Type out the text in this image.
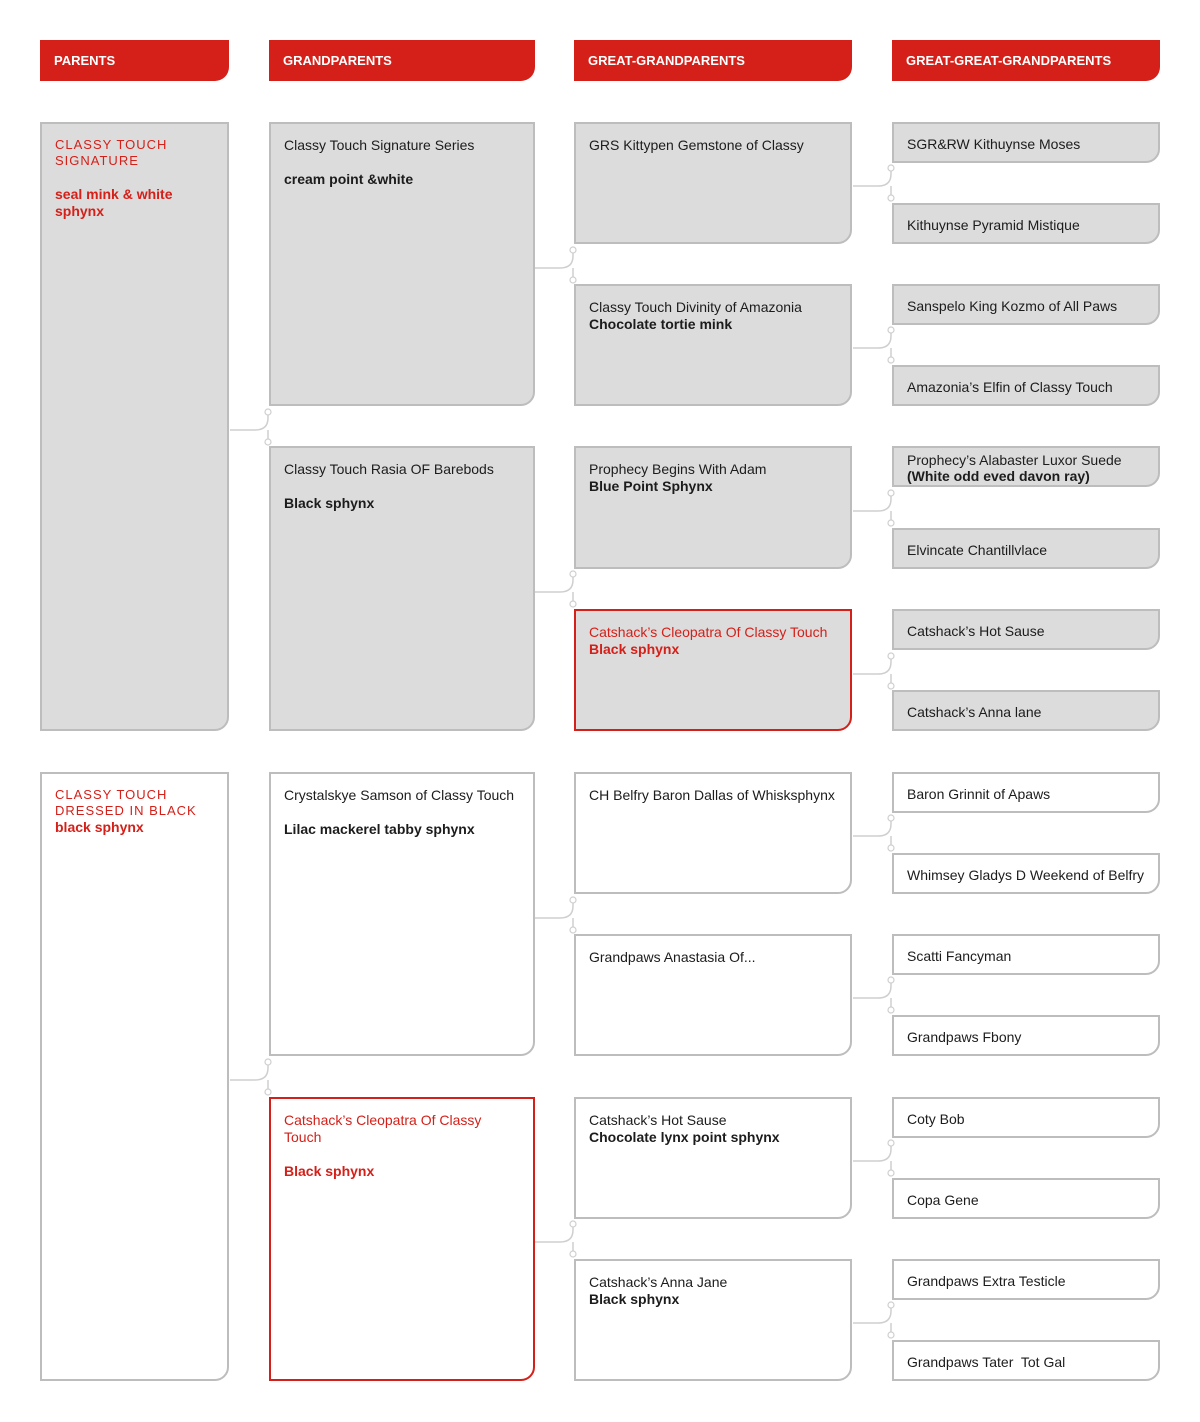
PARENTS	GRANDPARENTS	GREAT-GRANDPARENTS	GREAT-GREAT-GRANDPARENTS
CLASSY TOUCH SIGNATURE
seal mink & white sphynx
CLASSY TOUCH DRESSED IN BLACK
black sphynx
Classy Touch Signature Series
cream point &white
Classy Touch Rasia OF Barebods
Black sphynx
Crystalskye Samson of Classy Touch
Lilac mackerel tabby sphynx
Catshack’s Cleopatra Of Classy Touch
Black sphynx
GRS Kittypen Gemstone of Classy
Classy Touch Divinity of Amazonia
Chocolate tortie mink
Prophecy Begins With Adam
Blue Point Sphynx
Catshack’s Cleopatra Of Classy Touch
Black sphynx
CH Belfry Baron Dallas of Whisksphynx
Grandpaws Anastasia Of...
Catshack’s Hot Sause
Chocolate lynx point sphynx
Catshack’s Anna Jane
Black sphynx
SGR&RW Kithuynse Moses
Kithuynse Pyramid Mistique
Sanspelo King Kozmo of All Paws
Amazonia’s Elfin of Classy Touch
Prophecy’s Alabaster Luxor Suede
(White odd eved davon ray)
Elvincate Chantillvlace
Catshack’s Hot Sause
Catshack’s Anna lane
Baron Grinnit of Apaws
Whimsey Gladys D Weekend of Belfry
Scatti Fancyman
Grandpaws Fbony
Coty Bob
Copa Gene
Grandpaws Extra Testicle
Grandpaws Tater  Tot Gal
